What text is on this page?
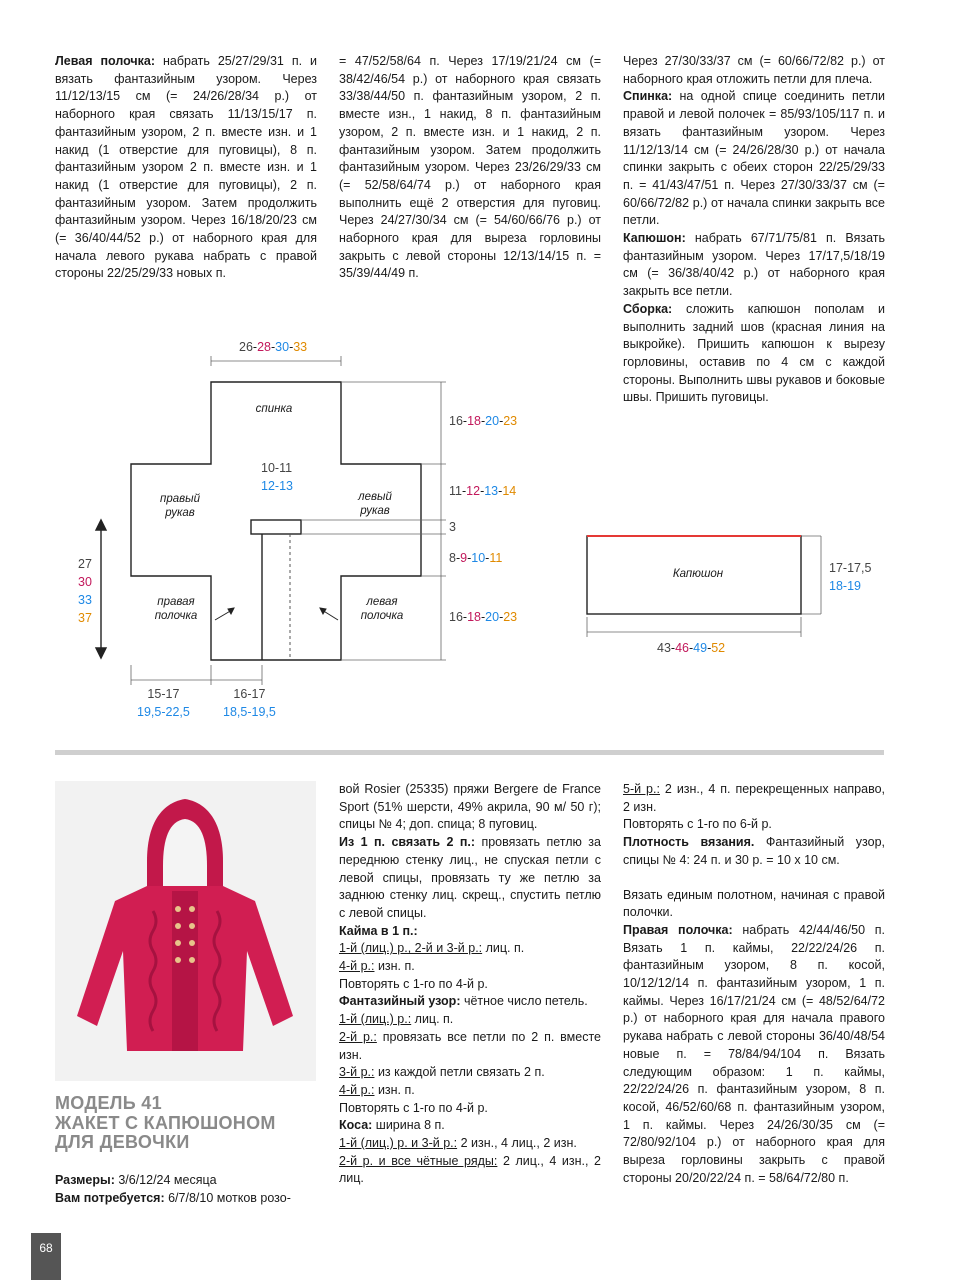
Левая полочка: набрать 25/27/29/31 п. и вязать фантазийным узором. Через 11/12/13/15 см (= 24/26/28/34 р.) от наборного края связать 11/13/15/17 п. фантазийным узором, 2 п. вместе изн. и 1 накид (1 отверстие для пуговицы), 8 п. фантазийным узором 2 п. вместе изн. и 1 накид (1 отверстие для пуговицы), 2 п. фантазийным узором. Затем продолжить фантазийным узором. Через 16/18/20/23 см (= 36/40/44/52 р.) от наборного края для начала левого рукава набрать с правой стороны 22/25/29/33 новых п.

= 47/52/58/64 п. Через 17/19/21/24 см (= 38/42/46/54 р.) от наборного края связать 33/38/44/50 п. фантазийным узором, 2 п. вместе изн., 1 накид, 8 п. фантазийным узором, 2 п. вместе изн. и 1 накид, 2 п. фантазийным узором. Затем продолжить фантазийным узором. Через 23/26/29/33 см (= 52/58/64/74 р.) от наборного края выполнить ещё 2 отверстия для пуговиц. Через 24/27/30/34 см (= 54/60/66/76 р.) от наборного края для выреза горловины закрыть с левой стороны 12/13/14/15 п. = 35/39/44/49 п.

Через 27/30/33/37 см (= 60/66/72/82 р.) от наборного края отложить петли для плеча.

Спинка: на одной спице соединить петли правой и левой полочек = 85/93/105/117 п. и вязать фантазийным узором. Через 11/12/13/14 см (= 24/26/28/30 р.) от начала спинки закрыть с обеих сторон 22/25/29/33 п. = 41/43/47/51 п. Через 27/30/33/37 см (= 60/66/72/82 р.) от начала спинки закрыть все петли.

Капюшон: набрать 67/71/75/81 п. Вязать фантазийным узором. Через 17/17,5/18/19 см (= 36/38/40/42 р.) от наборного края закрыть все петли.

Сборка: сложить капюшон пополам и выполнить задний шов (красная линия на выкройке). Пришить капюшон к вырезу горловины, оставив по 4 см с каждой стороны. Выполнить швы рукавов и боковые швы. Пришить пуговицы.

26-28-30-33
спинка
правый рукав
левый рукав
правая полочка
левая полочка
10-11
12-13
16-18-20-23
11-12-13-14
3
8-9-10-11
16-18-20-23
27
30
33
37
15-17
19,5-22,5
16-17
18,5-19,5
Капюшон	17-17,5
18-19
43-46-49-52
МОДЕЛЬ 41
ЖАКЕТ С КАПЮШОНОМ
ДЛЯ ДЕВОЧКИ
Размеры: 3/6/12/24 месяца
Вам потребуется: 6/7/8/10 мотков розо-

вой Rosier (25335) пряжи Bergere de France Sport (51% шерсти, 49% акрила, 90 м/ 50 г); спицы № 4; доп. спица; 8 пуговиц.

Из 1 п. связать 2 п.: провязать петлю за переднюю стенку лиц., не спуская петли с левой спицы, провязать ту же петлю за заднюю стенку лиц. скрещ., спустить петлю с левой спицы.

Кайма в 1 п.:

1-й (лиц.) р., 2-й и 3-й р.: лиц. п.

4-й р.: изн. п.

Повторять с 1-го по 4-й р.

Фантазийный узор: чётное число петель.

1-й (лиц.) р.: лиц. п.

2-й р.: провязать все петли по 2 п. вместе изн.

3-й р.: из каждой петли связать 2 п.

4-й р.: изн. п.

Повторять с 1-го по 4-й р.

Коса: ширина 8 п.

1-й (лиц.) р. и 3-й р.: 2 изн., 4 лиц., 2 изн.

2-й р. и все чётные ряды: 2 лиц., 4 изн., 2 лиц.

5-й р.: 2 изн., 4 п. перекрещенных направо, 2 изн.

Повторять с 1-го по 6-й р.

Плотность вязания. Фантазийный узор, спицы № 4: 24 п. и 30 р. = 10 х 10 см.

Вязать единым полотном, начиная с правой полочки.

Правая полочка: набрать 42/44/46/50 п. Вязать 1 п. каймы, 22/22/24/26 п. фантазийным узором, 8 п. косой, 10/12/12/14 п. фантазийным узором, 1 п. каймы. Через 16/17/21/24 см (= 48/52/64/72 р.) от наборного края для начала правого рукава набрать с левой стороны 36/40/48/54 новые п. = 78/84/94/104 п. Вязать следующим образом: 1 п. каймы, 22/22/24/26 п. фантазийным узором, 8 п. косой, 46/52/60/68 п. фантазийным узором, 1 п. каймы. Через 24/26/30/35 см (= 72/80/92/104 р.) от наборного края для выреза горловины закрыть с правой стороны 20/20/22/24 п. = 58/64/72/80 п.

68
